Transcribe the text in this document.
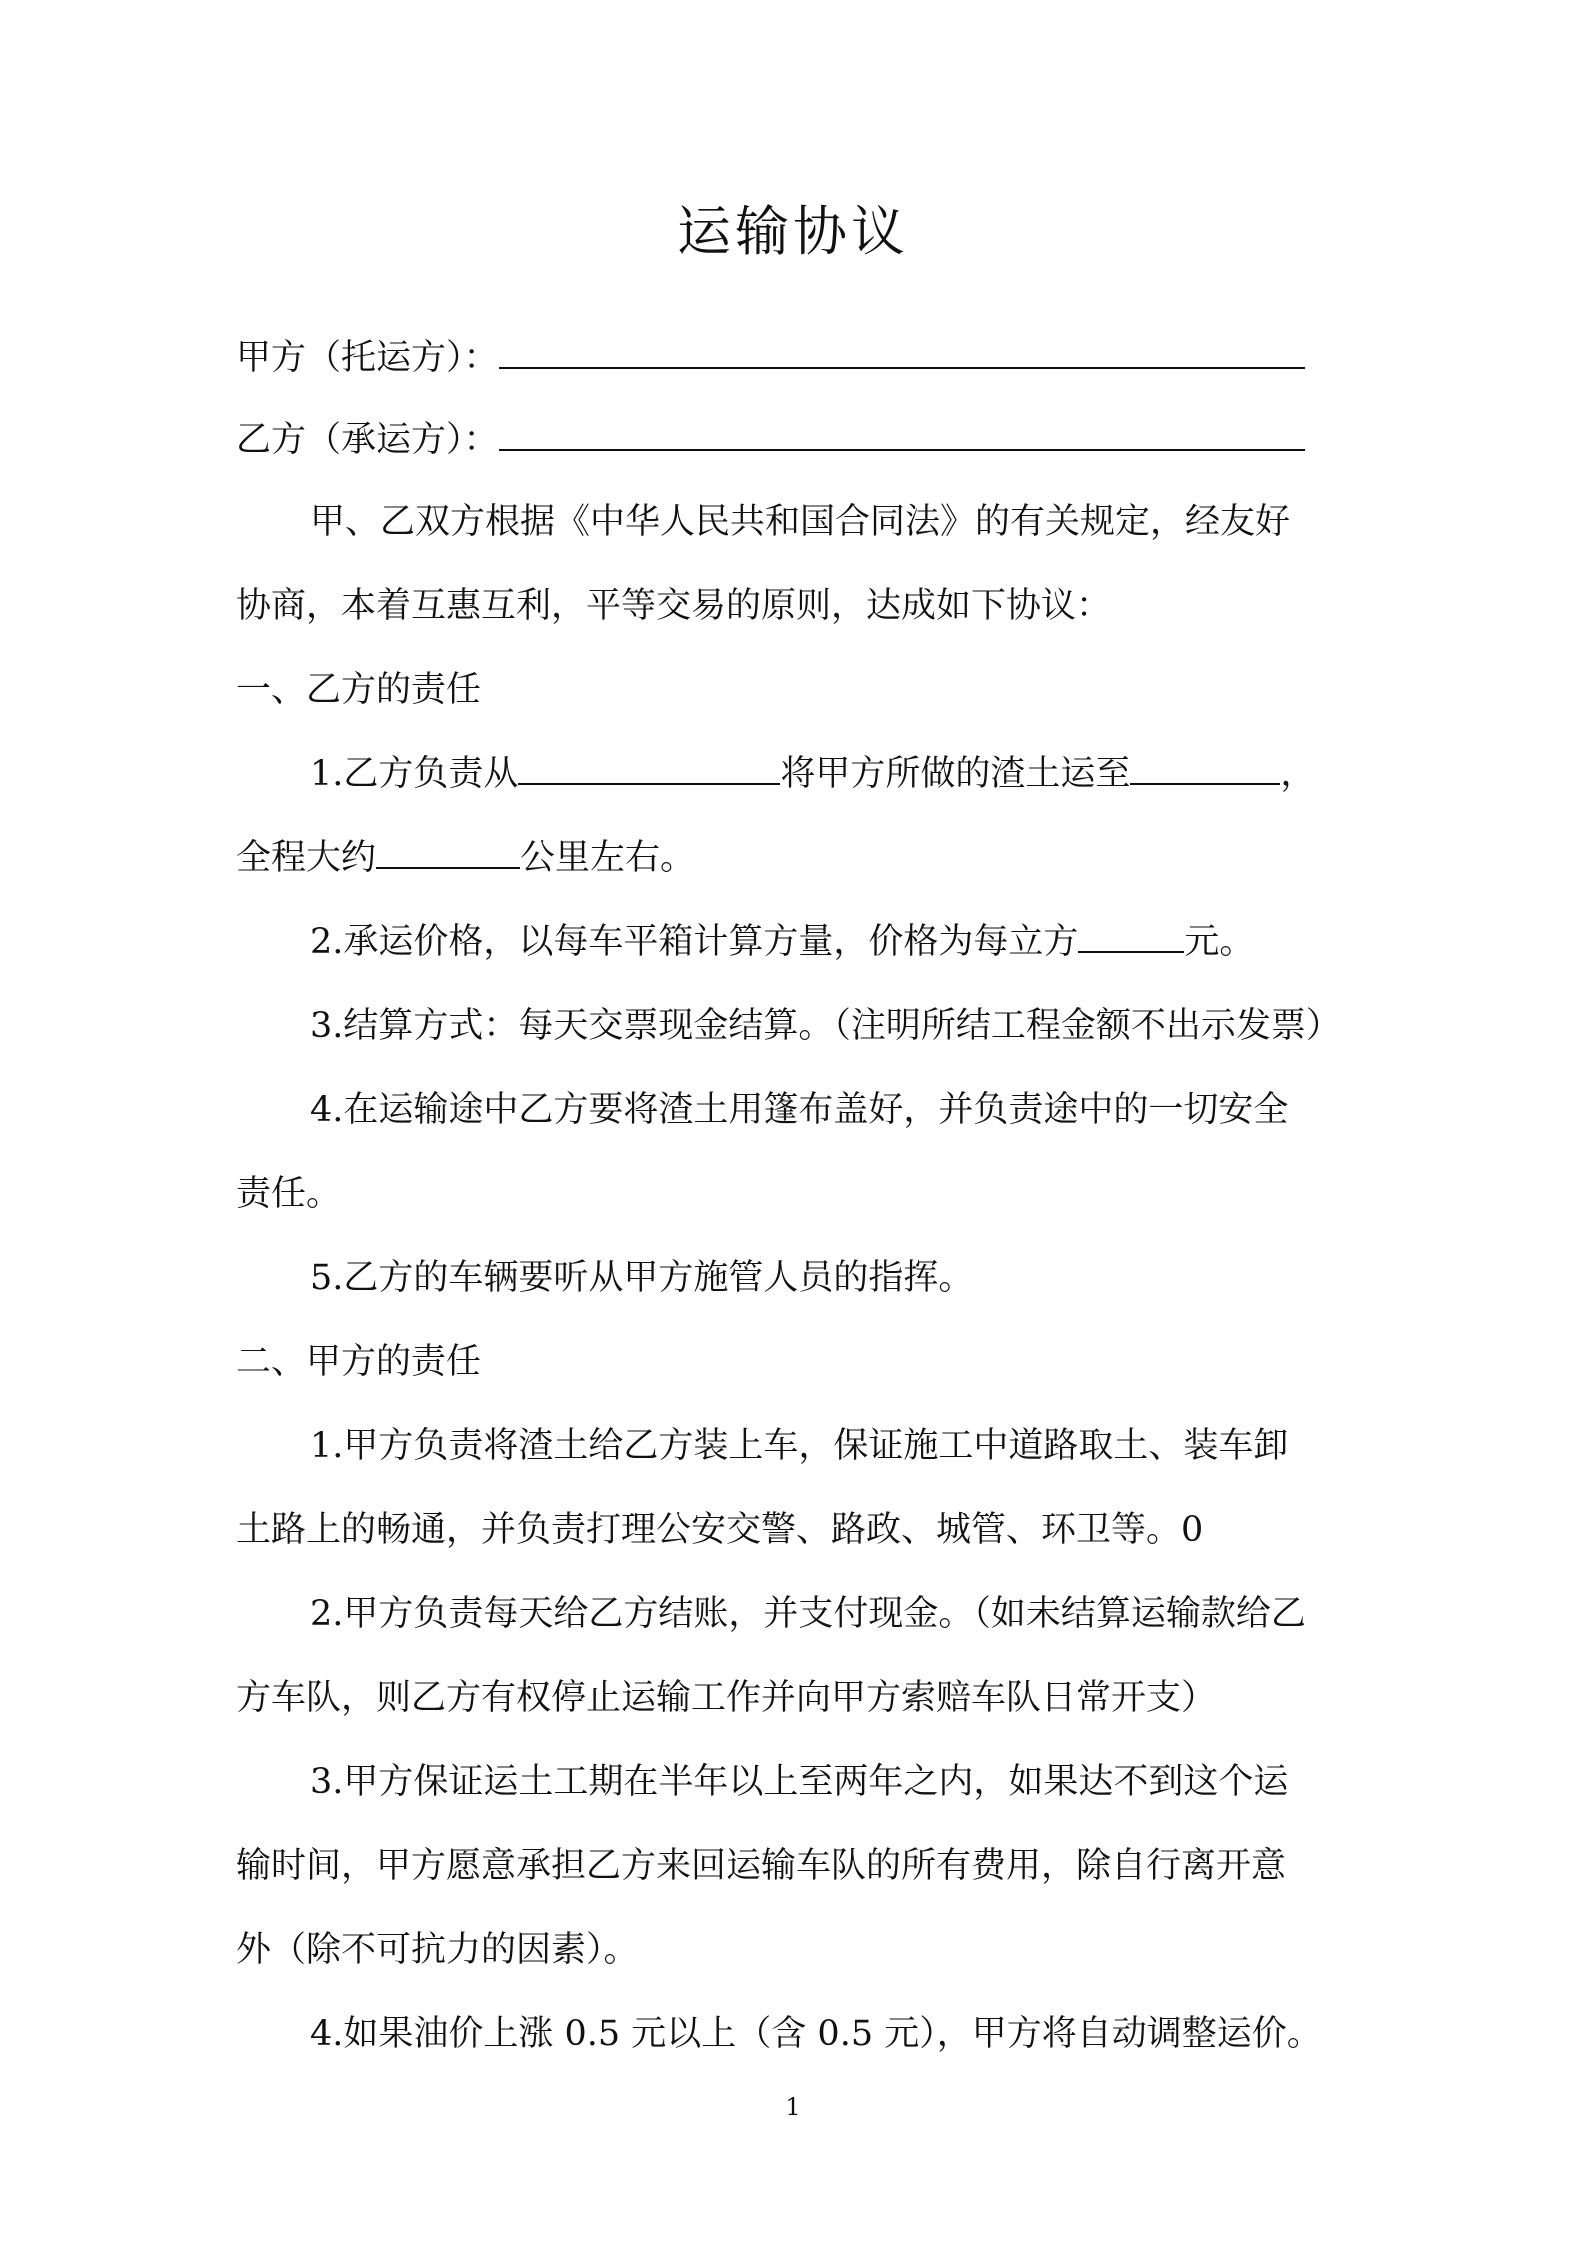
运输协议
甲方（托运方）：
乙方（承运方）：
甲、乙双方根据《中华人民共和国合同法》的有关规定，经友好
协商，本着互惠互利，平等交易的原则，达成如下协议：
一、乙方的责任
1.乙方负责从	将甲方所做的渣土运至	，
全程大约	公里左右。
2.承运价格，以每车平箱计算方量，价格为每立方	元。
3.结算方式：每天交票现金结算。（注明所结工程金额不出示发票）
4.在运输途中乙方要将渣土用篷布盖好，并负责途中的一切安全
责任。
5.乙方的车辆要听从甲方施管人员的指挥。
二、甲方的责任
1.甲方负责将渣土给乙方装上车，保证施工中道路取土、装车卸
土路上的畅通，并负责打理公安交警、路政、城管、环卫等。0
2.甲方负责每天给乙方结账，并支付现金。（如未结算运输款给乙
方车队，则乙方有权停止运输工作并向甲方索赔车队日常开支）
3.甲方保证运土工期在半年以上至两年之内，如果达不到这个运
输时间，甲方愿意承担乙方来回运输车队的所有费用，除自行离开意
外（除不可抗力的因素）。
4.如果油价上涨 0.5 元以上（含 0.5 元），甲方将自动调整运价。
1
